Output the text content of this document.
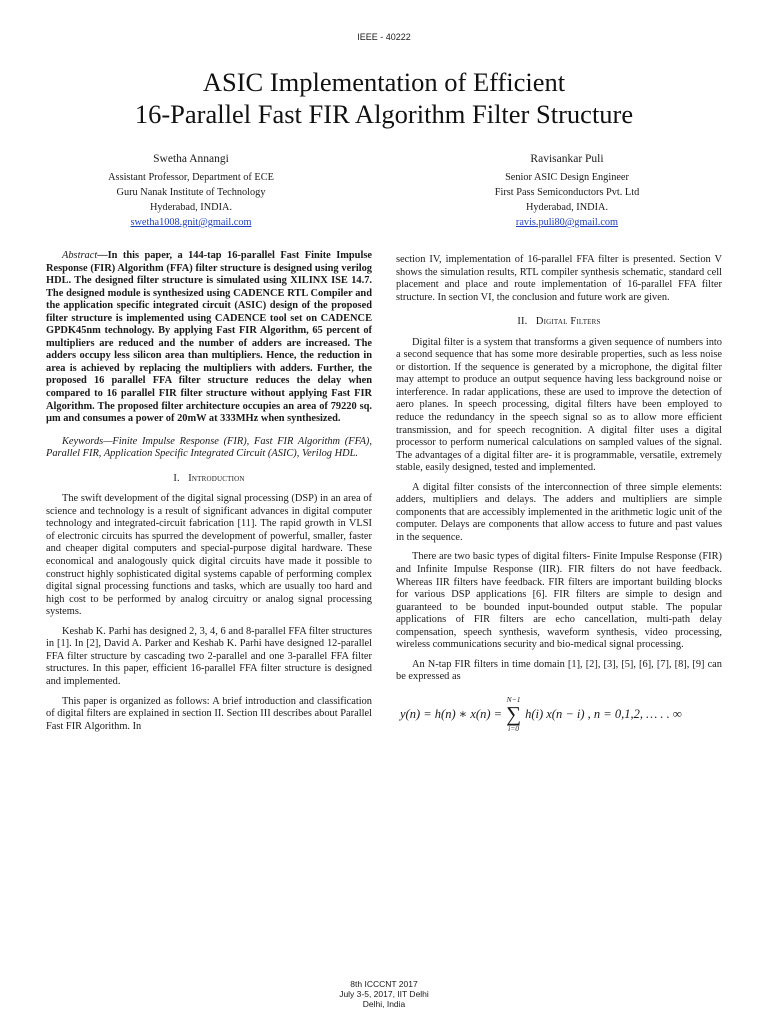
IEEE - 40222
ASIC Implementation of Efficient
16-Parallel Fast FIR Algorithm Filter Structure
Swetha Annangi
Assistant Professor, Department of ECE
Guru Nanak Institute of Technology
Hyderabad, INDIA.
swetha1008.gnit@gmail.com
Ravisankar Puli
Senior ASIC Design Engineer
First Pass Semiconductors Pvt. Ltd
Hyderabad, INDIA.
ravis.puli80@gmail.com

Abstract—In this paper, a 144-tap 16-parallel Fast Finite Impulse Response (FIR) Algorithm (FFA) filter structure is designed using verilog HDL. The designed filter structure is simulated using XILINX ISE 14.7. The designed module is synthesized using CADENCE RTL Compiler and the application specific integrated circuit (ASIC) design of the proposed filter structure is implemented using CADENCE tool set on CADENCE GPDK45nm technology. By applying Fast FIR Algorithm, 65 percent of multipliers are reduced and the number of adders are increased. The adders occupy less silicon area than multipliers. Hence, the reduction in area is achieved by replacing the multipliers with adders. Further, the proposed 16 parallel FFA filter structure reduces the delay when compared to 16 parallel FIR filter structure without applying Fast FIR Algorithm. The proposed filter architecture occupies an area of 79220 sq. µm and consumes a power of 20mW at 333MHz when synthesized.

Keywords—Finite Impulse Response (FIR), Fast FIR Algorithm (FFA), Parallel FIR, Application Specific Integrated Circuit (ASIC), Verilog HDL.

I. Introduction

The swift development of the digital signal processing (DSP) in an area of science and technology is a result of significant advances in digital computer technology and integrated-circuit fabrication [11]. The rapid growth in VLSI of electronic circuits has spurred the development of powerful, smaller, faster and cheaper digital computers and special-purpose digital hardware. These economical and analogously quick digital circuits have made it possible to construct highly sophisticated digital systems capable of performing complex digital signal processing functions and tasks, which are usually too hard and high cost to be performed by analog circuitry or analog signal processing systems.

Keshab K. Parhi has designed 2, 3, 4, 6 and 8-parallel FFA filter structures in [1]. In [2], David A. Parker and Keshab K. Parhi have designed 12-parallel FFA filter structure by cascading two 2-parallel and one 3-parallel FFA filter structures. In this paper, efficient 16-parallel FFA filter structure is designed and implemented.

This paper is organized as follows: A brief introduction and classification of digital filters are explained in section II. Section III describes about Parallel Fast FIR Algorithm. In

section IV, implementation of 16-parallel FFA filter is presented. Section V shows the simulation results, RTL compiler synthesis schematic, standard cell placement and place and route implementation of 16-parallel FFA filter structure. In section VI, the conclusion and future work are given.

II. Digital Filters

Digital filter is a system that transforms a given sequence of numbers into a second sequence that has some more desirable properties, such as less noise or distortion. If the sequence is generated by a microphone, the digital filter may attempt to produce an output sequence having less background noise or interference. In radar applications, these are used to improve the detection of aero planes. In speech processing, digital filters have been employed to reduce the redundancy in the speech signal so as to allow more efficient transmission, and for speech recognition. A digital filter uses a digital processor to perform numerical calculations on sampled values of the signal. The advantages of a digital filter are- it is programmable, versatile, extremely stable, easily designed, tested and implemented.

A digital filter consists of the interconnection of three simple elements: adders, multipliers and delays. The adders and multipliers are simple components that are accessibly implemented in the arithmetic logic unit of the computer. Delays are components that allow access to future and past values in the sequence.

There are two basic types of digital filters- Finite Impulse Response (FIR) and Infinite Impulse Response (IIR). FIR filters do not have feedback. Whereas IIR filters have feedback. FIR filters are important building blocks for various DSP applications [6]. FIR filters are simple to design and guaranteed to be bounded input-bounded output stable. The popular applications of FIR filters are echo cancellation, multi-path delay compensation, speech synthesis, waveform synthesis, video processing, wireless communications security and bio-medical signal processing.

An N-tap FIR filters in time domain [1], [2], [3], [5], [6], [7], [8], [9] can be expressed as

y(n) = h(n) ∗ x(n) =
N−1
∑
i=0
h(i) x(n − i) , n = 0,1,2, … . . ∞
8th ICCCNT 2017
July 3-5, 2017, IIT Delhi
Delhi, India
